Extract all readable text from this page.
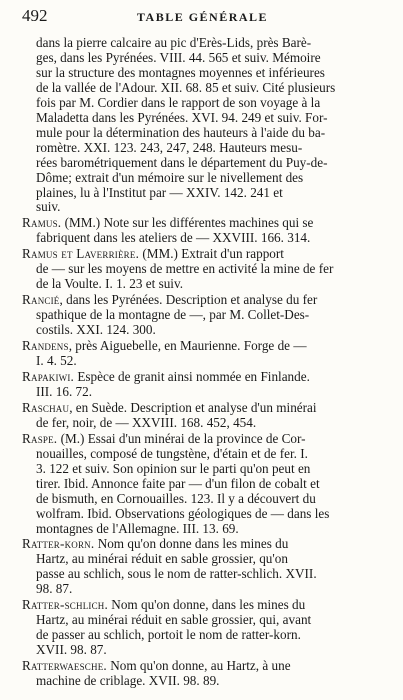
492	TABLE GÉNÉRALE
dans la pierre calcaire au pic d'Erès-Lids, près Barè-
ges, dans les Pyrénées. VIII. 44. 565 et suiv. Mémoire
sur la structure des montagnes moyennes et inférieures
de la vallée de l'Adour. XII. 68. 85 et suiv. Cité plusieurs
fois par M. Cordier dans le rapport de son voyage à la
Maladetta dans les Pyrénées. XVI. 94. 249 et suiv. For-
mule pour la détermination des hauteurs à l'aide du ba-
romètre. XXI. 123. 243, 247, 248. Hauteurs mesu-
rées barométriquement dans le département du Puy-de-
Dôme; extrait d'un mémoire sur le nivellement des
plaines, lu à l'Institut par — XXIV. 142. 241 et
suiv.
Ramus. (MM.) Note sur les différentes machines qui se
fabriquent dans les ateliers de — XXVIII. 166. 314.
Ramus et Laverrière. (MM.) Extrait d'un rapport
de — sur les moyens de mettre en activité la mine de fer
de la Voulte. I. 1. 23 et suiv.
Rancié, dans les Pyrénées. Description et analyse du fer
spathique de la montagne de —, par M. Collet-Des-
costils. XXI. 124. 300.
Randens, près Aiguebelle, en Maurienne. Forge de —
I. 4. 52.
Rapakiwi. Espèce de granit ainsi nommée en Finlande.
III. 16. 72.
Raschau, en Suède. Description et analyse d'un minérai
de fer, noir, de — XXVIII. 168. 452, 454.
Raspe. (M.) Essai d'un minérai de la province de Cor-
nouailles, composé de tungstène, d'étain et de fer. I.
3. 122 et suiv. Son opinion sur le parti qu'on peut en
tirer. Ibid. Annonce faite par — d'un filon de cobalt et
de bismuth, en Cornouailles. 123. Il y a découvert du
wolfram. Ibid. Observations géologiques de — dans les
montagnes de l'Allemagne. III. 13. 69.
Ratter-korn. Nom qu'on donne dans les mines du
Hartz, au minérai réduit en sable grossier, qu'on
passe au schlich, sous le nom de ratter-schlich. XVII.
98. 87.
Ratter-schlich. Nom qu'on donne, dans les mines du
Hartz, au minérai réduit en sable grossier, qui, avant
de passer au schlich, portoit le nom de ratter-korn.
XVII. 98. 87.
Ratterwaesche. Nom qu'on donne, au Hartz, à une
machine de criblage. XVII. 98. 89.
